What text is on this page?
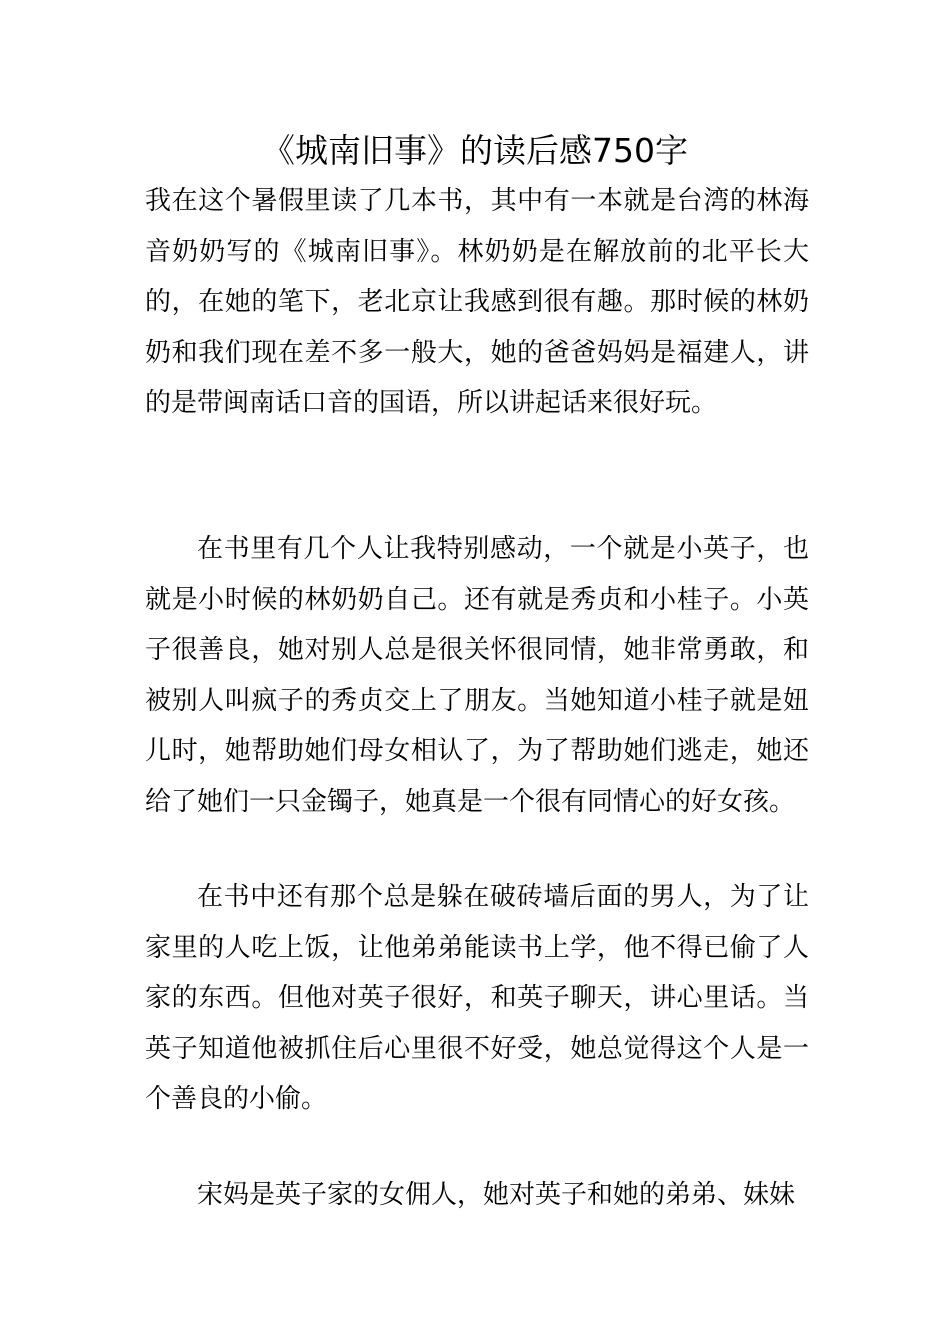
《城南旧事》的读后感750字

我在这个暑假里读了几本书，其中有一本就是台湾的林海音奶奶写的《城南旧事》。林奶奶是在解放前的北平长大的，在她的笔下，老北京让我感到很有趣。那时候的林奶奶和我们现在差不多一般大，她的爸爸妈妈是福建人，讲的是带闽南话口音的国语，所以讲起话来很好玩。

在书里有几个人让我特别感动，一个就是小英子，也就是小时候的林奶奶自己。还有就是秀贞和小桂子。小英子很善良，她对别人总是很关怀很同情，她非常勇敢，和被别人叫疯子的秀贞交上了朋友。当她知道小桂子就是妞儿时，她帮助她们母女相认了，为了帮助她们逃走，她还给了她们一只金镯子，她真是一个很有同情心的好女孩。

在书中还有那个总是躲在破砖墙后面的男人，为了让家里的人吃上饭，让他弟弟能读书上学，他不得已偷了人家的东西。但他对英子很好，和英子聊天，讲心里话。当英子知道他被抓住后心里很不好受，她总觉得这个人是一个善良的小偷。

宋妈是英子家的女佣人，她对英子和她的弟弟、妹妹
